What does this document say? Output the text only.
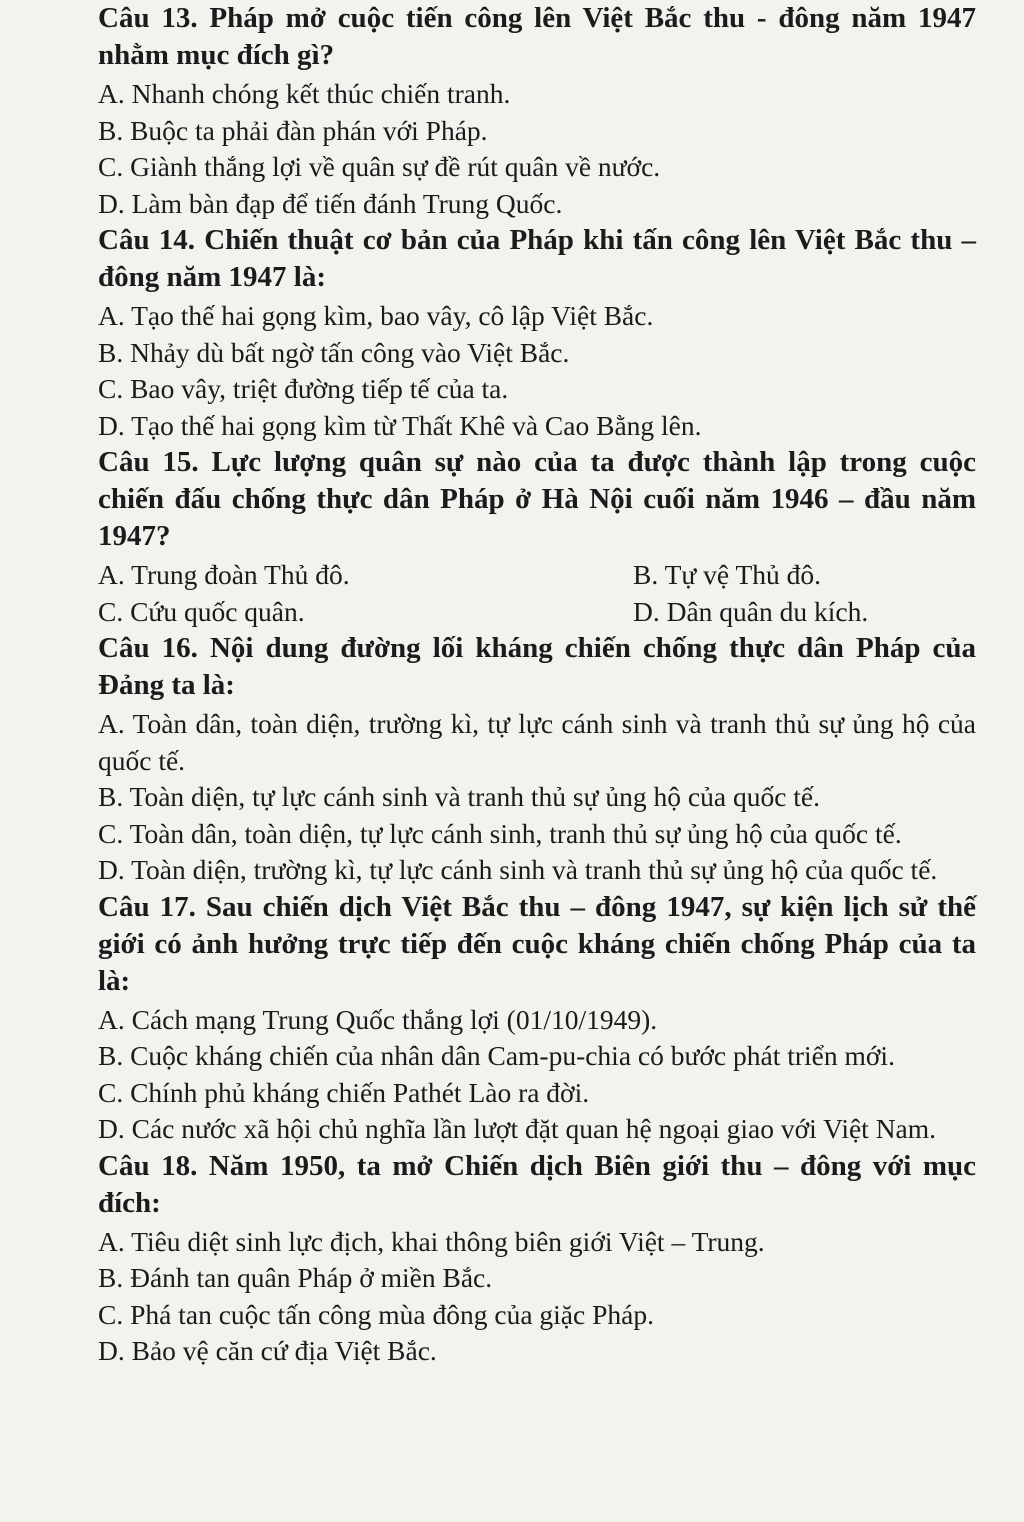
Câu 13. Pháp mở cuộc tiến công lên Việt Bắc thu - đông năm 1947 nhằm mục đích gì?

A. Nhanh chóng kết thúc chiến tranh.

B. Buộc ta phải đàn phán với Pháp.

C. Giành thắng lợi về quân sự đề rút quân về nước.

D. Làm bàn đạp để tiến đánh Trung Quốc.

Câu 14. Chiến thuật cơ bản của Pháp khi tấn công lên Việt Bắc thu – đông năm 1947 là:

A. Tạo thế hai gọng kìm, bao vây, cô lập Việt Bắc.

B. Nhảy dù bất ngờ tấn công vào Việt Bắc.

C. Bao vây, triệt đường tiếp tế của ta.

D. Tạo thế hai gọng kìm từ Thất Khê và Cao Bằng lên.

Câu 15. Lực lượng quân sự nào của ta được thành lập trong cuộc chiến đấu chống thực dân Pháp ở Hà Nội cuối năm 1946 – đầu năm 1947?

A. Trung đoàn Thủ đô.	B. Tự vệ Thủ đô.
C. Cứu quốc quân.	D. Dân quân du kích.

Câu 16. Nội dung đường lối kháng chiến chống thực dân Pháp của Đảng ta là:

A. Toàn dân, toàn diện, trường kì, tự lực cánh sinh và tranh thủ sự ủng hộ của quốc tế.

B. Toàn diện, tự lực cánh sinh và tranh thủ sự ủng hộ của quốc tế.

C. Toàn dân, toàn diện, tự lực cánh sinh, tranh thủ sự ủng hộ của quốc tế.

D. Toàn diện, trường kì, tự lực cánh sinh và tranh thủ sự ủng hộ của quốc tế.

Câu 17. Sau chiến dịch Việt Bắc thu – đông 1947, sự kiện lịch sử thế giới có ảnh hưởng trực tiếp đến cuộc kháng chiến chống Pháp của ta là:

A. Cách mạng Trung Quốc thắng lợi (01/10/1949).

B. Cuộc kháng chiến của nhân dân Cam-pu-chia có bước phát triển mới.

C. Chính phủ kháng chiến Pathét Lào ra đời.

D. Các nước xã hội chủ nghĩa lần lượt đặt quan hệ ngoại giao với Việt Nam.

Câu 18. Năm 1950, ta mở Chiến dịch Biên giới thu – đông với mục đích:

A. Tiêu diệt sinh lực địch, khai thông biên giới Việt – Trung.

B. Đánh tan quân Pháp ở miền Bắc.

C. Phá tan cuộc tấn công mùa đông của giặc Pháp.

D. Bảo vệ căn cứ địa Việt Bắc.
